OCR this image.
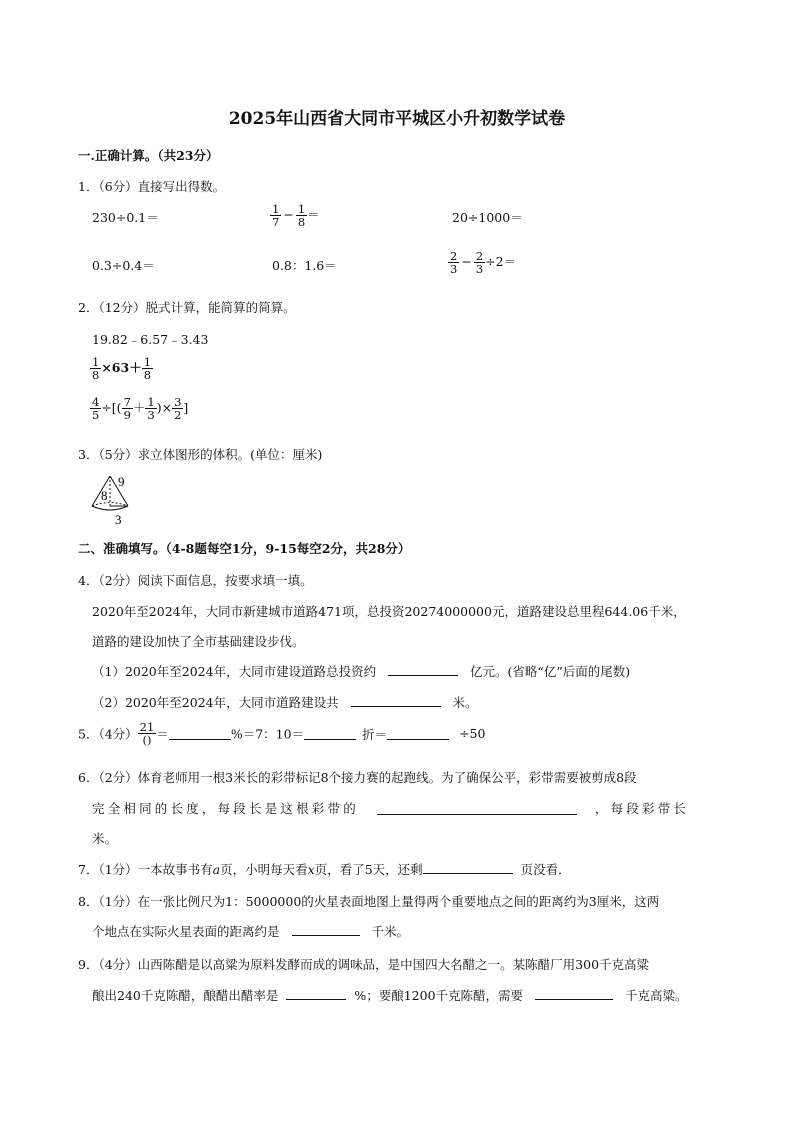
2025年山西省大同市平城区小升初数学试卷
一.正确计算。（共23分）
1．（6分）直接写出得数。
230÷0.1＝	$\frac{1}{7} - \frac{1}{8}$ ＝	20÷1000＝
0.3÷0.4＝	0.8：1.6＝	$\frac{2}{3} - \frac{2}{3} \div 2=$
2．（12分）脱式计算，能简算的简算。
19.82﹣6.57﹣3.43
$\frac{1}{8} \times 63+ \frac{1}{8}$
$\frac{4}{5}$ ÷[( $\frac{7}{9} + \frac{1}{3}$ )× $\frac{3}{2}$ ]
3．（5分）求立体图形的体积。(单位：厘米)
9
8
3
二、准确填写。（4-8题每空1分，9-15每空2分，共28分）
4．（2分）阅读下面信息，按要求填一填。
2020年至2024年，大同市新建城市道路471项，总投资20274000000元，道路建设总里程644.06千米，
道路的建设加快了全市基础建设步伐。
（1）2020年至2024年，大同市建设道路总投资约	亿元。(省略“亿”后面的尾数)
（2）2020年至2024年，大同市道路建设共	米。
5．（4分） $\frac{21}{()}$ ＝	%＝7：10＝	折＝	÷50
6．（2分）体育老师用一根3米长的彩带标记8个接力赛的起跑线。为了确保公平，彩带需要被剪成8段
完全相同的长度，每段长是这根彩带的	，每段彩带长
米。
7．（1分）一本故事书有a页，小明每天看x页，看了5天，还剩	页没看．
8．（1分）在一张比例尺为1：5000000的火星表面地图上量得两个重要地点之间的距离约为3厘米，这两
个地点在实际火星表面的距离约是	千米。
9．（4分）山西陈醋是以高粱为原料发酵而成的调味品，是中国四大名醋之一。某陈醋厂用300千克高粱
酿出240千克陈醋，酿醋出醋率是	%；要酿1200千克陈醋，需要	千克高粱。
